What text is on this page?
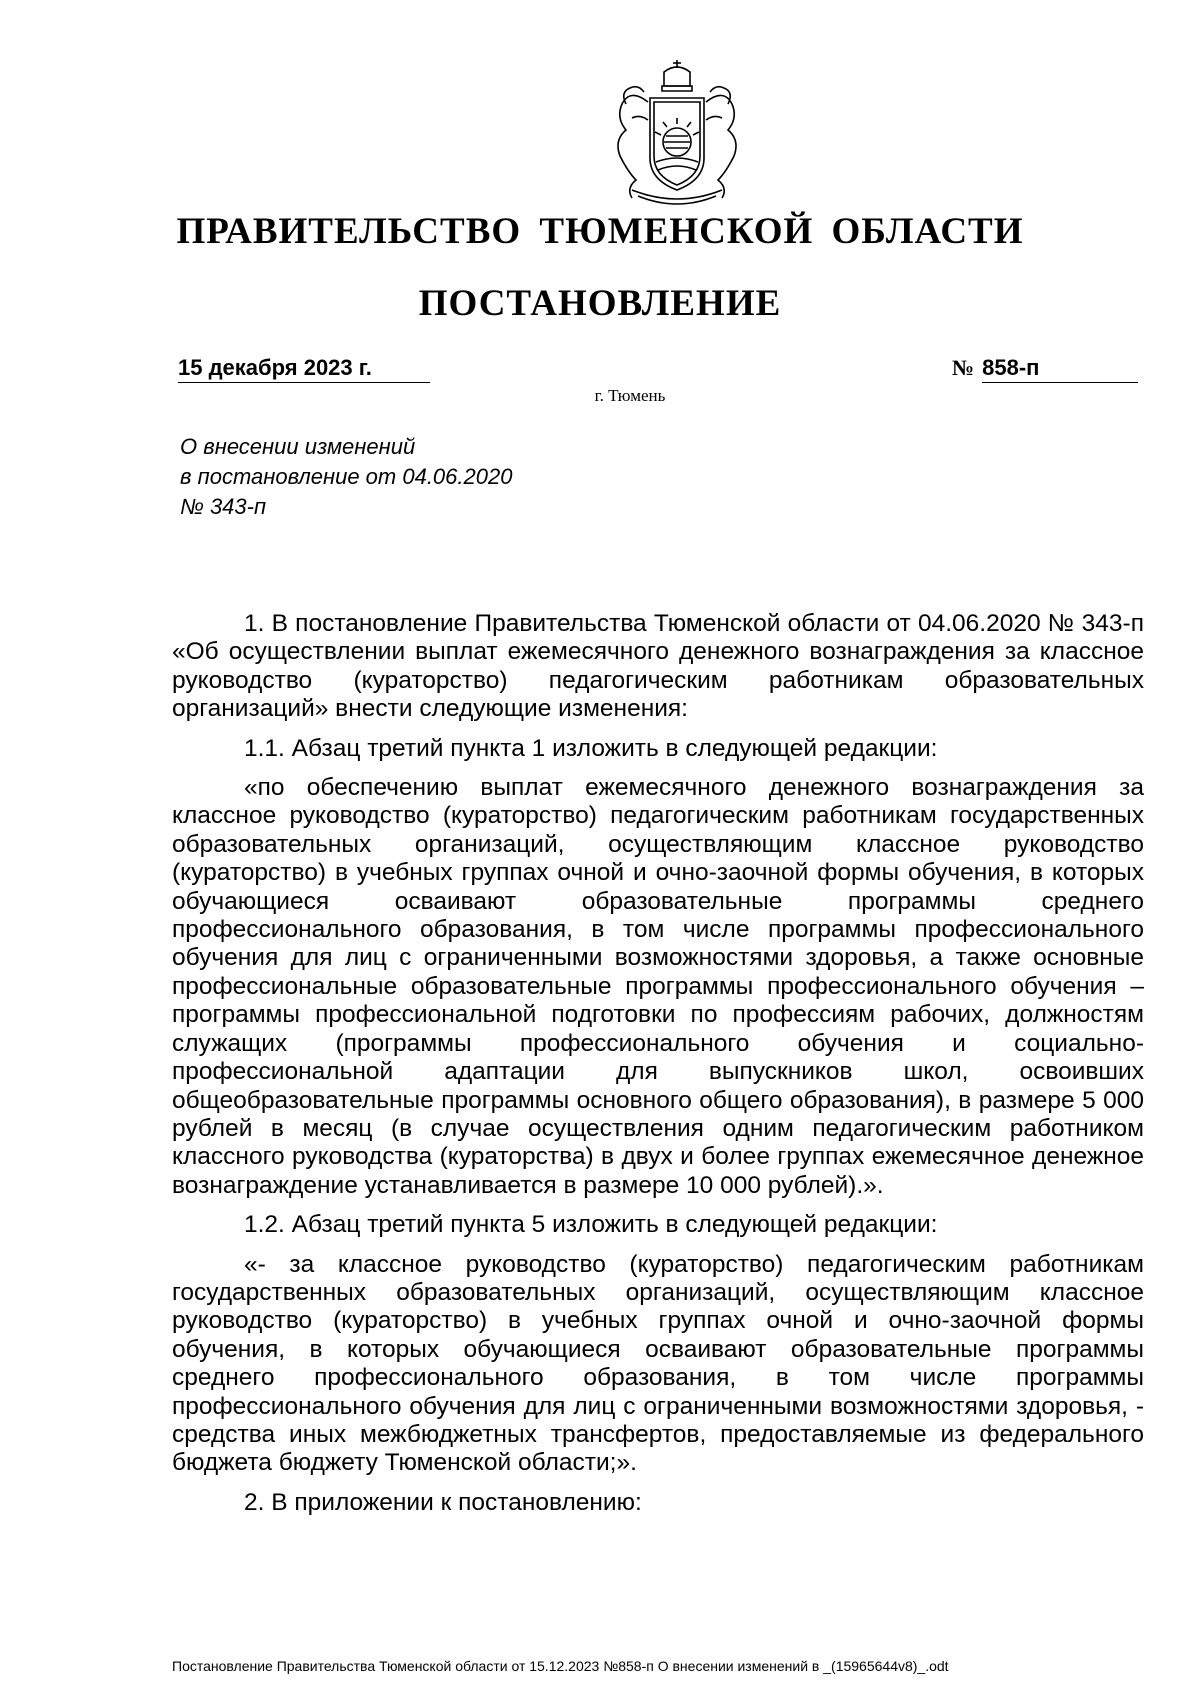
ПРАВИТЕЛЬСТВО ТЮМЕНСКОЙ ОБЛАСТИ
ПОСТАНОВЛЕНИЕ
15 декабря 2023 г.	№ 858-п
г. Тюмень
О внесении изменений
в постановление от 04.06.2020
№ 343-п

1. В постановление Правительства Тюменской области от 04.06.2020 № 343-п «Об осуществлении выплат ежемесячного денежного вознаграждения за классное руководство (кураторство) педагогическим работникам образовательных организаций» внести следующие изменения:

1.1. Абзац третий пункта 1 изложить в следующей редакции:

«по обеспечению выплат ежемесячного денежного вознаграждения за классное руководство (кураторство) педагогическим работникам государственных образовательных организаций, осуществляющим классное руководство (кураторство) в учебных группах очной и очно-заочной формы обучения, в которых обучающиеся осваивают образовательные программы среднего профессионального образования, в том числе программы профессионального обучения для лиц с ограниченными возможностями здоровья, а также основные профессиональные образовательные программы профессионального обучения – программы профессиональной подготовки по профессиям рабочих, должностям служащих (программы профессионального обучения и социально-профессиональной адаптации для выпускников школ, освоивших общеобразовательные программы основного общего образования), в размере 5 000 рублей в месяц (в случае осуществления одним педагогическим работником классного руководства (кураторства) в двух и более группах ежемесячное денежное вознаграждение устанавливается в размере 10 000 рублей).».

1.2. Абзац третий пункта 5 изложить в следующей редакции:

«- за классное руководство (кураторство) педагогическим работникам государственных образовательных организаций, осуществляющим классное руководство (кураторство) в учебных группах очной и очно-заочной формы обучения, в которых обучающиеся осваивают образовательные программы среднего профессионального образования, в том числе программы профессионального обучения для лиц с ограниченными возможностями здоровья, - средства иных межбюджетных трансфертов, предоставляемые из федерального бюджета бюджету Тюменской области;».

2. В приложении к постановлению:

Постановление Правительства Тюменской области от 15.12.2023 №858-п О внесении изменений в _(15965644v8)_.odt
